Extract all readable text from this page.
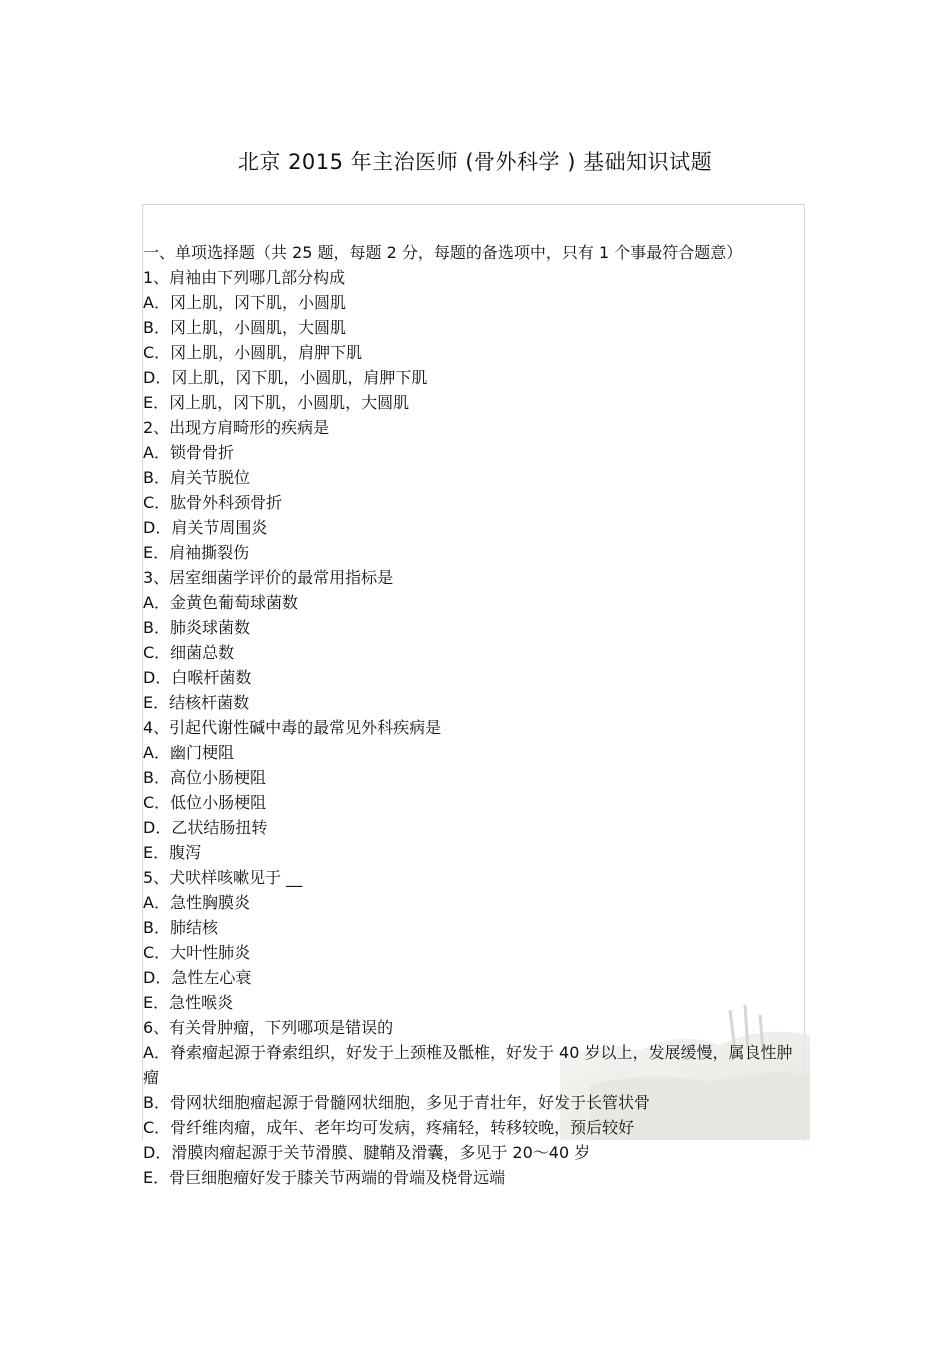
北京 2015 年主治医师 (骨外科学 ) 基础知识试题
一、单项选择题（共 25 题，每题 2 分，每题的备选项中，只有 1 个事最符合题意）
1、肩袖由下列哪几部分构成
A．冈上肌，冈下肌，小圆肌
B．冈上肌，小圆肌，大圆肌
C．冈上肌，小圆肌，肩胛下肌
D．冈上肌，冈下肌，小圆肌，肩胛下肌
E．冈上肌，冈下肌，小圆肌，大圆肌
2、出现方肩畸形的疾病是
A．锁骨骨折
B．肩关节脱位
C．肱骨外科颈骨折
D．肩关节周围炎
E．肩袖撕裂伤
3、居室细菌学评价的最常用指标是
A．金黄色葡萄球菌数
B．肺炎球菌数
C．细菌总数
D．白喉杆菌数
E．结核杆菌数
4、引起代谢性碱中毒的最常见外科疾病是
A．幽门梗阻
B．高位小肠梗阻
C．低位小肠梗阻
D．乙状结肠扭转
E．腹泻
5、犬吠样咳嗽见于 __
A．急性胸膜炎
B．肺结核
C．大叶性肺炎
D．急性左心衰
E．急性喉炎
6、有关骨肿瘤，下列哪项是错误的
A．脊索瘤起源于脊索组织，好发于上颈椎及骶椎，好发于 40 岁以上，发展缓慢，属良性肿瘤
B．骨网状细胞瘤起源于骨髓网状细胞，多见于青壮年，好发于长管状骨
C．骨纤维肉瘤，成年、老年均可发病，疼痛轻，转移较晚，预后较好
D．滑膜肉瘤起源于关节滑膜、腱鞘及滑囊，多见于 20～40 岁
E．骨巨细胞瘤好发于膝关节两端的骨端及桡骨远端
